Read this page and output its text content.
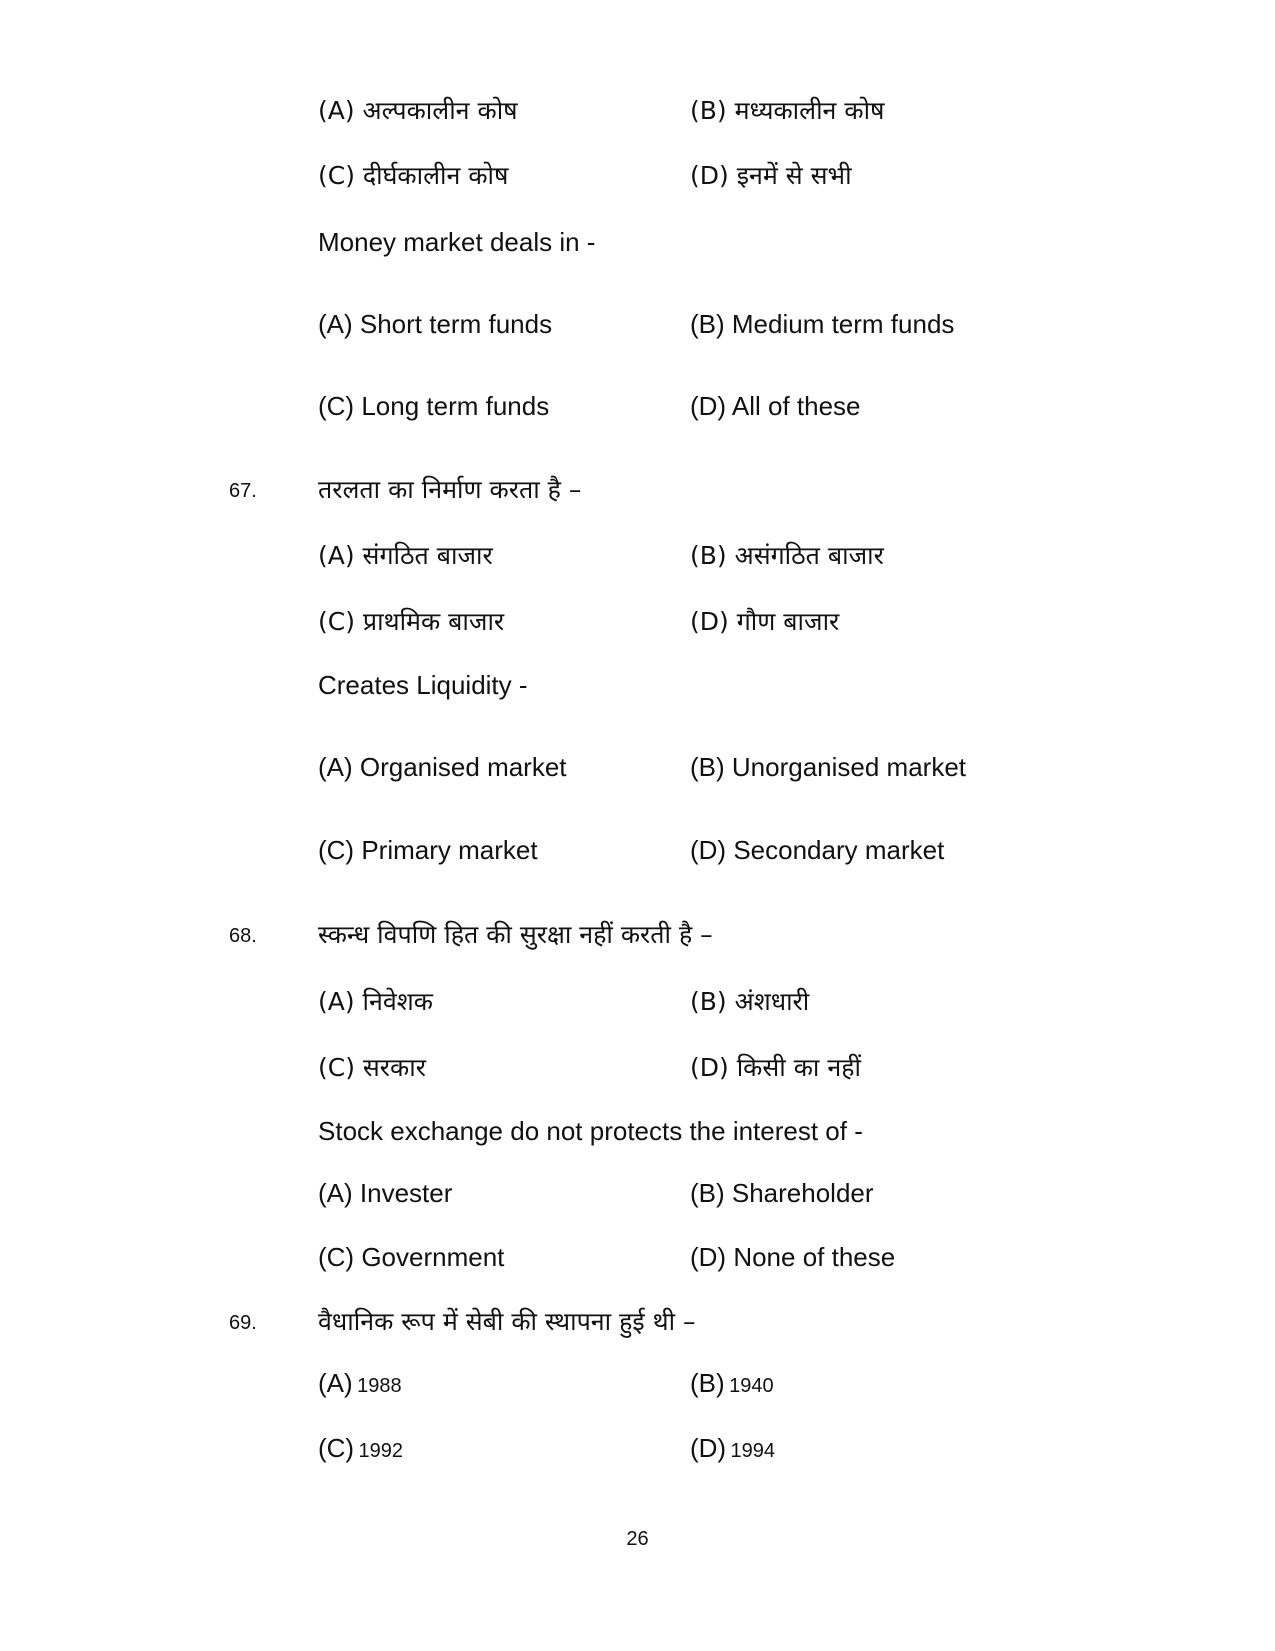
(A) अल्पकालीन कोष	(B) मध्यकालीन कोष
(C) दीर्घकालीन कोष	(D) इनमें से सभी
Money market deals in -
(A) Short term funds	(B) Medium term funds
(C) Long term funds	(D) All of these
67. तरलता का निर्माण करता है –
(A) संगठित बाजार	(B) असंगठित बाजार
(C) प्राथमिक बाजार	(D) गौण बाजार
Creates Liquidity -
(A) Organised market	(B) Unorganised market
(C) Primary market	(D) Secondary market
68. स्कन्ध विपणि हित की सुरक्षा नहीं करती है –
(A) निवेशक	(B) अंशधारी
(C) सरकार	(D) किसी का नहीं
Stock exchange do not protects the interest of -
(A) Invester	(B) Shareholder
(C) Government	(D) None of these
69. वैधानिक रूप में सेबी की स्थापना हुई थी –
(A) 1988	(B) 1940
(C) 1992	(D) 1994
26
